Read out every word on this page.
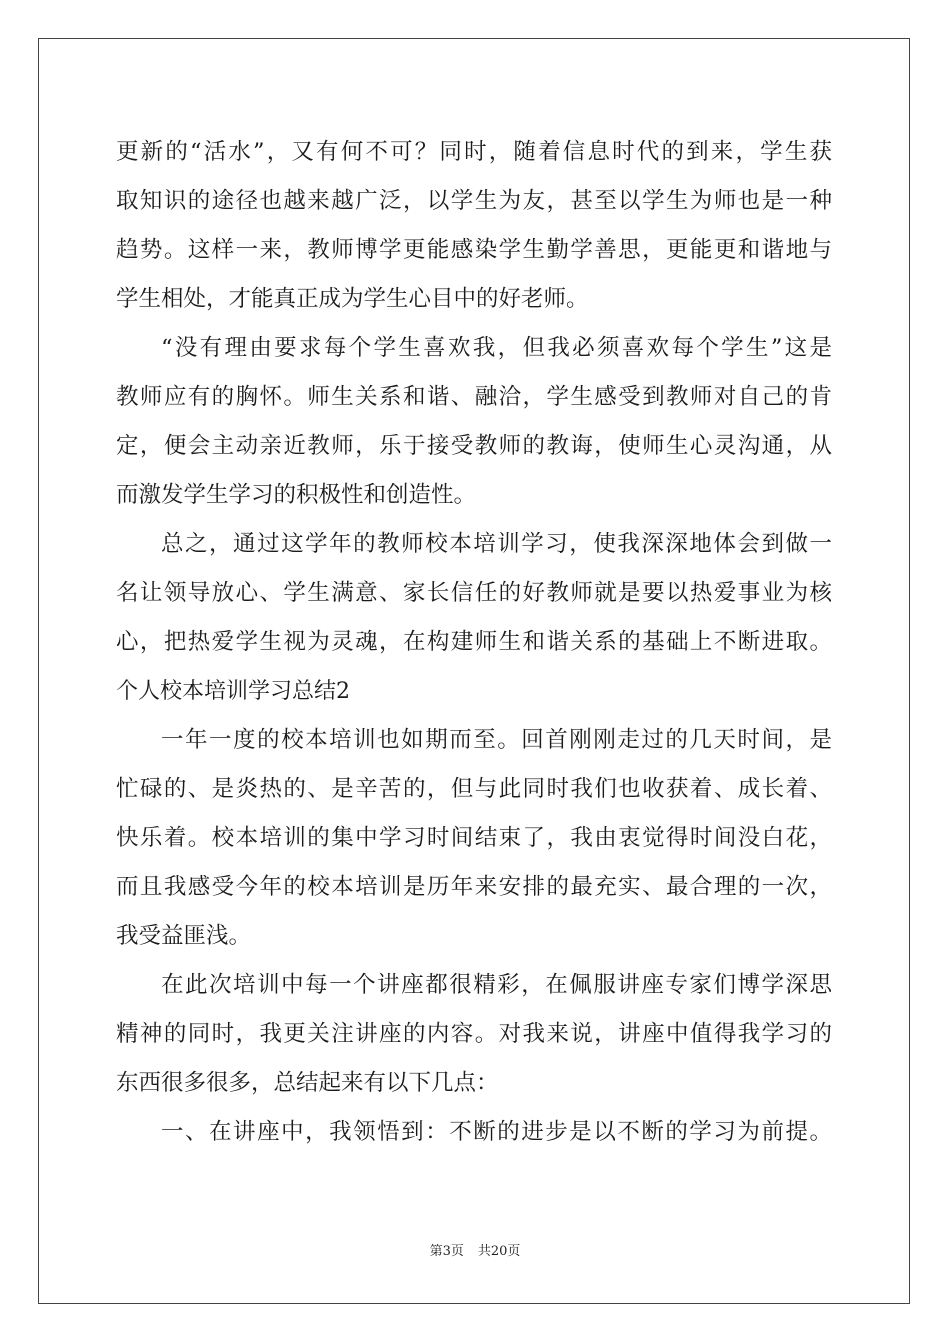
更新的“活水”，又有何不可？同时，随着信息时代的到来，学生获
取知识的途径也越来越广泛，以学生为友，甚至以学生为师也是一种
趋势。这样一来，教师博学更能感染学生勤学善思，更能更和谐地与
学生相处，才能真正成为学生心目中的好老师。
“没有理由要求每个学生喜欢我，但我必须喜欢每个学生”这是
教师应有的胸怀。师生关系和谐、融洽，学生感受到教师对自己的肯
定，便会主动亲近教师，乐于接受教师的教诲，使师生心灵沟通，从
而激发学生学习的积极性和创造性。
总之，通过这学年的教师校本培训学习，使我深深地体会到做一
名让领导放心、学生满意、家长信任的好教师就是要以热爱事业为核
心，把热爱学生视为灵魂，在构建师生和谐关系的基础上不断进取。
个人校本培训学习总结2
一年一度的校本培训也如期而至。回首刚刚走过的几天时间，是
忙碌的、是炎热的、是辛苦的，但与此同时我们也收获着、成长着、
快乐着。校本培训的集中学习时间结束了，我由衷觉得时间没白花，
而且我感受今年的校本培训是历年来安排的最充实、最合理的一次，
我受益匪浅。
在此次培训中每一个讲座都很精彩，在佩服讲座专家们博学深思
精神的同时，我更关注讲座的内容。对我来说，讲座中值得我学习的
东西很多很多，总结起来有以下几点：
一、在讲座中，我领悟到：不断的进步是以不断的学习为前提。
第3页 共20页
